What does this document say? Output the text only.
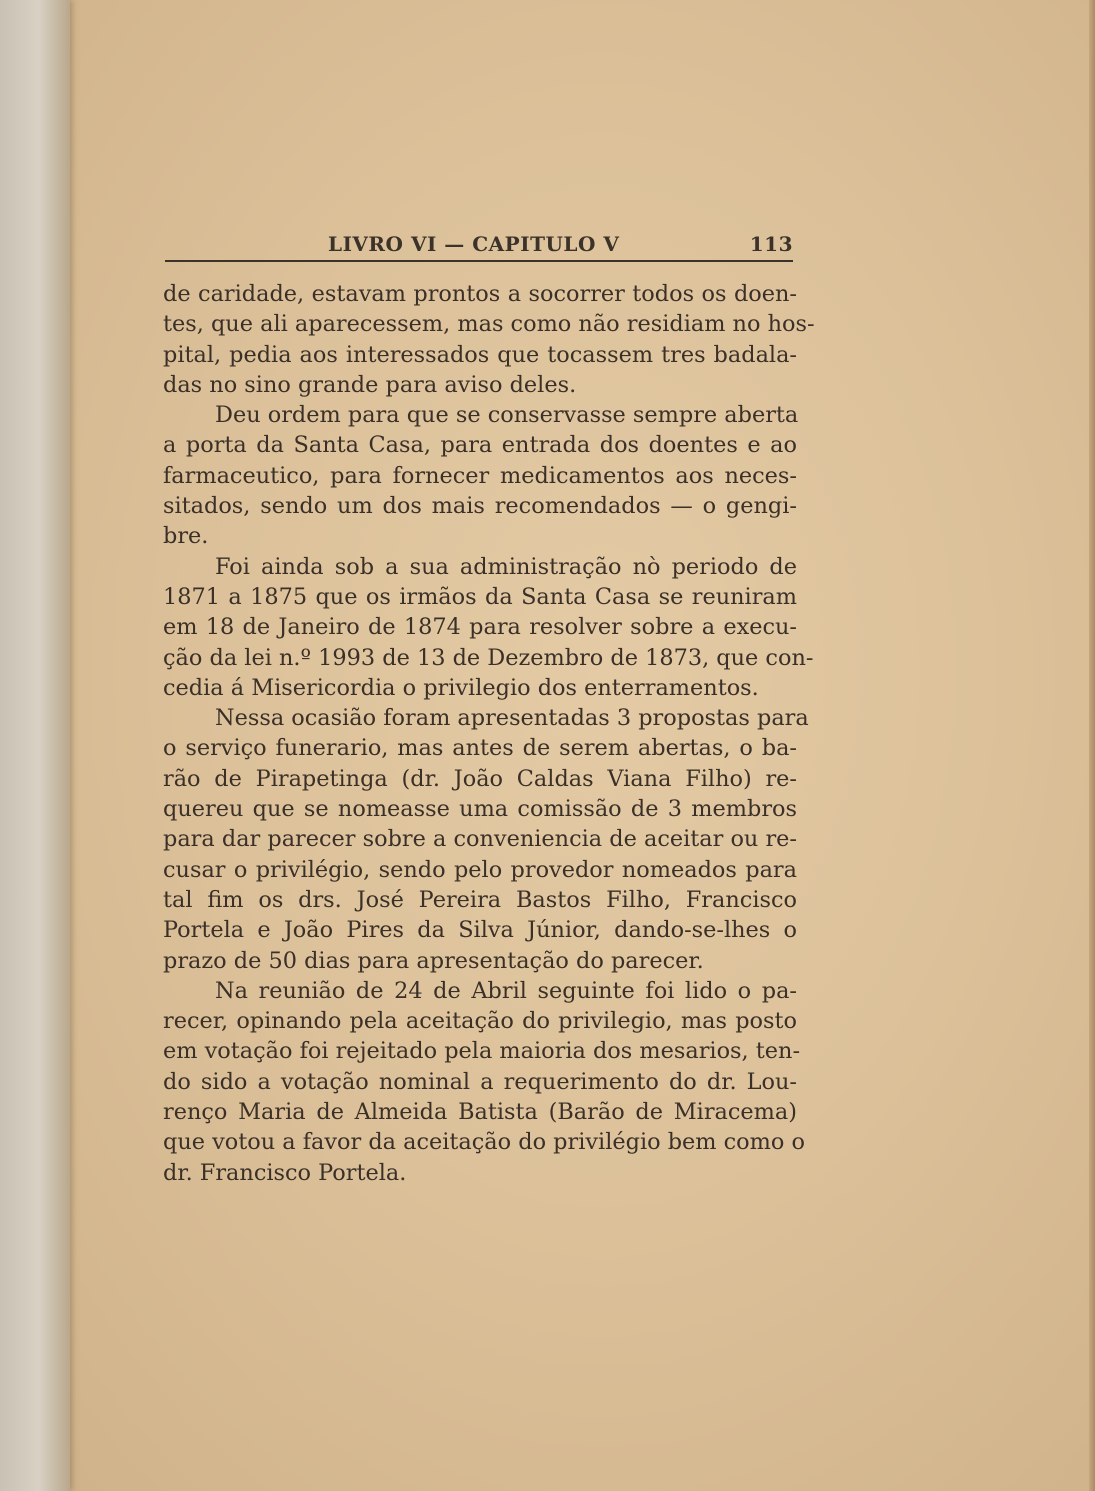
LIVRO VI — CAPITULO V	113
de caridade, estavam prontos a socorrer todos os doen-
tes, que ali aparecessem, mas como não residiam no hos-
pital, pedia aos interessados que tocassem tres badala-
das no sino grande para aviso deles.
Deu ordem para que se conservasse sempre aberta
a porta da Santa Casa, para entrada dos doentes e ao
farmaceutico, para fornecer medicamentos aos neces-
sitados, sendo um dos mais recomendados — o gengi-
bre.
Foi ainda sob a sua administração nò periodo de
1871 a 1875 que os irmãos da Santa Casa se reuniram
em 18 de Janeiro de 1874 para resolver sobre a execu-
ção da lei n.º 1993 de 13 de Dezembro de 1873, que con-
cedia á Misericordia o privilegio dos enterramentos.
Nessa ocasião foram apresentadas 3 propostas para
o serviço funerario, mas antes de serem abertas, o ba-
rão de Pirapetinga (dr. João Caldas Viana Filho) re-
quereu que se nomeasse uma comissão de 3 membros
para dar parecer sobre a conveniencia de aceitar ou re-
cusar o privilégio, sendo pelo provedor nomeados para
tal fim os drs. José Pereira Bastos Filho, Francisco
Portela e João Pires da Silva Júnior, dando-se-lhes o
prazo de 50 dias para apresentação do parecer.
Na reunião de 24 de Abril seguinte foi lido o pa-
recer, opinando pela aceitação do privilegio, mas posto
em votação foi rejeitado pela maioria dos mesarios, ten-
do sido a votação nominal a requerimento do dr. Lou-
renço Maria de Almeida Batista (Barão de Miracema)
que votou a favor da aceitação do privilégio bem como o
dr. Francisco Portela.
